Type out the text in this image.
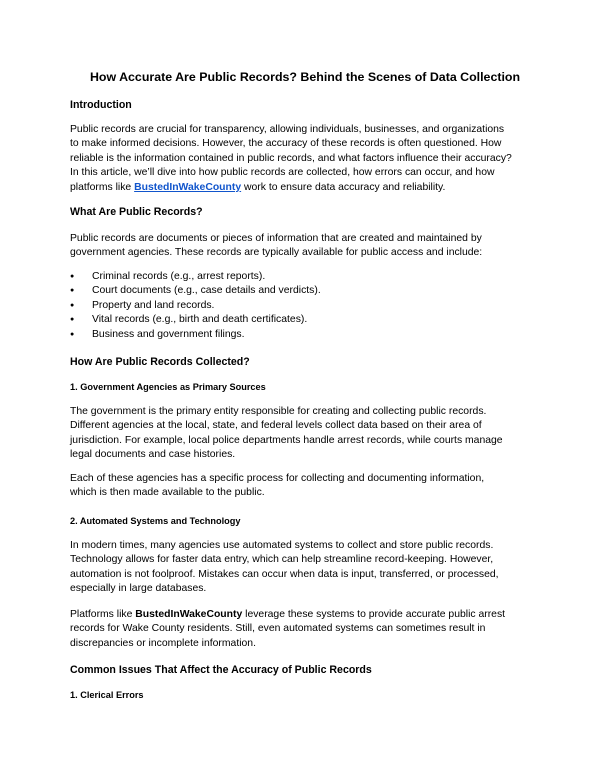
How Accurate Are Public Records? Behind the Scenes of Data Collection
Introduction
Public records are crucial for transparency, allowing individuals, businesses, and organizations
to make informed decisions. However, the accuracy of these records is often questioned. How
reliable is the information contained in public records, and what factors influence their accuracy?
In this article, we’ll dive into how public records are collected, how errors can occur, and how
platforms like BustedInWakeCounty work to ensure data accuracy and reliability.
What Are Public Records?
Public records are documents or pieces of information that are created and maintained by
government agencies. These records are typically available for public access and include:
● Criminal records (e.g., arrest reports).
● Court documents (e.g., case details and verdicts).
● Property and land records.
● Vital records (e.g., birth and death certificates).
● Business and government filings.
How Are Public Records Collected?
1. Government Agencies as Primary Sources
The government is the primary entity responsible for creating and collecting public records.
Different agencies at the local, state, and federal levels collect data based on their area of
jurisdiction. For example, local police departments handle arrest records, while courts manage
legal documents and case histories.
Each of these agencies has a specific process for collecting and documenting information,
which is then made available to the public.
2. Automated Systems and Technology
In modern times, many agencies use automated systems to collect and store public records.
Technology allows for faster data entry, which can help streamline record-keeping. However,
automation is not foolproof. Mistakes can occur when data is input, transferred, or processed,
especially in large databases.
Platforms like BustedInWakeCounty leverage these systems to provide accurate public arrest
records for Wake County residents. Still, even automated systems can sometimes result in
discrepancies or incomplete information.
Common Issues That Affect the Accuracy of Public Records
1. Clerical Errors
